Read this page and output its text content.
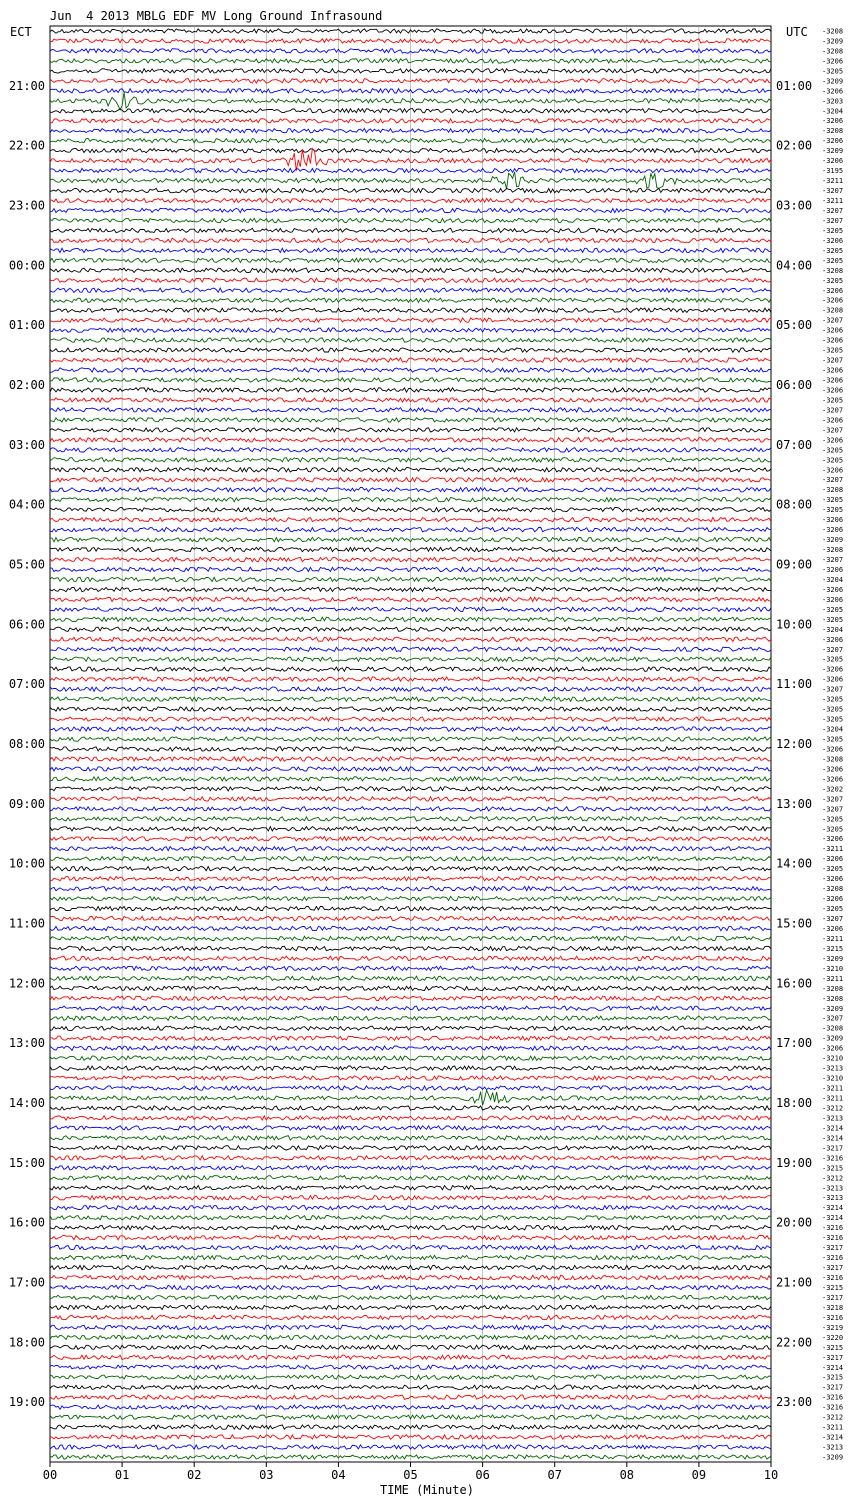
Jun  4 2013 MBLG EDF MV Long Ground Infrasound
ECT	UTC
TIME (Minute)
00	01	02	03	04	05	06	07	08	09	10
21:00
22:00
23:00
00:00
01:00
02:00
03:00
04:00
05:00
06:00
07:00
08:00
09:00
10:00
11:00
12:00
13:00
14:00
15:00
16:00
17:00
18:00
19:00
01:00
02:00
03:00
04:00
05:00
06:00
07:00
08:00
09:00
10:00
11:00
12:00
13:00
14:00
15:00
16:00
17:00
18:00
19:00
20:00
21:00
22:00
23:00
-3208
-3209
-3208
-3206
-3205
-3209
-3206
-3203
-3204
-3206
-3208
-3206
-3209
-3206
-3195
-3211
-3207
-3211
-3207
-3207
-3205
-3206
-3205
-3205
-3208
-3205
-3206
-3206
-3208
-3207
-3206
-3206
-3205
-3207
-3206
-3206
-3206
-3205
-3207
-3206
-3207
-3206
-3205
-3205
-3206
-3207
-3208
-3205
-3205
-3206
-3206
-3209
-3208
-3207
-3206
-3204
-3206
-3206
-3205
-3205
-3204
-3206
-3207
-3205
-3206
-3206
-3207
-3205
-3205
-3205
-3204
-3205
-3206
-3208
-3206
-3206
-3202
-3207
-3207
-3205
-3205
-3206
-3211
-3206
-3205
-3206
-3208
-3206
-3205
-3207
-3206
-3211
-3215
-3209
-3210
-3211
-3208
-3208
-3209
-3207
-3208
-3209
-3206
-3210
-3213
-3210
-3211
-3211
-3212
-3213
-3214
-3214
-3217
-3216
-3215
-3212
-3213
-3213
-3214
-3214
-3216
-3216
-3217
-3216
-3217
-3216
-3215
-3217
-3218
-3216
-3219
-3220
-3215
-3217
-3214
-3215
-3217
-3216
-3216
-3212
-3211
-3214
-3213
-3209
